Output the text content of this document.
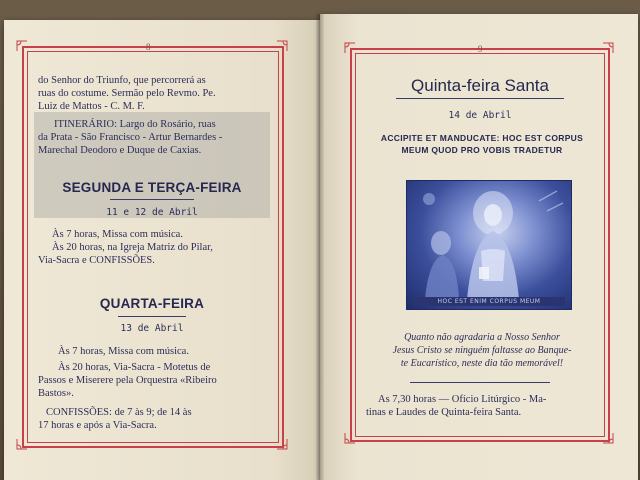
8
do Senhor do Triunfo, que percorrerá as
ruas do costume. Sermão pelo Revmo. Pe.
Luiz de Mattos - C. M. F.
ITINERÁRIO: Largo do Rosário, ruas
da Prata - São Francisco - Artur Bernardes -
Marechal Deodoro e Duque de Caxias.
SEGUNDA E TERÇA-FEIRA
11 e 12 de Abril
Às 7 horas, Missa com música.
Às 20 horas, na Igreja Matriz do Pilar,
Via-Sacra e CONFISSÕES.
QUARTA-FEIRA
13 de Abril
Às 7 horas, Missa com música.
Às 20 horas, Via-Sacra - Motetus de
Passos e Miserere pela Orquestra «Ribeiro
Bastos».
CONFISSÕES: de 7 às 9; de 14 às
17 horas e após a Via-Sacra.
9
Quinta-feira Santa
14 de Abril
ACCIPITE ET MANDUCATE: HOC EST CORPUS
MEUM QUOD PRO VOBIS TRADETUR
HOC EST ENIM CORPUS MEUM
Quanto não agradaria a Nosso Senhor
Jesus Cristo se ninguém faltasse ao Banque-
te Eucarístico, neste dia tão memorável!
As 7,30 horas — Ofício Litúrgico - Ma-
tinas e Laudes de Quinta-feira Santa.
